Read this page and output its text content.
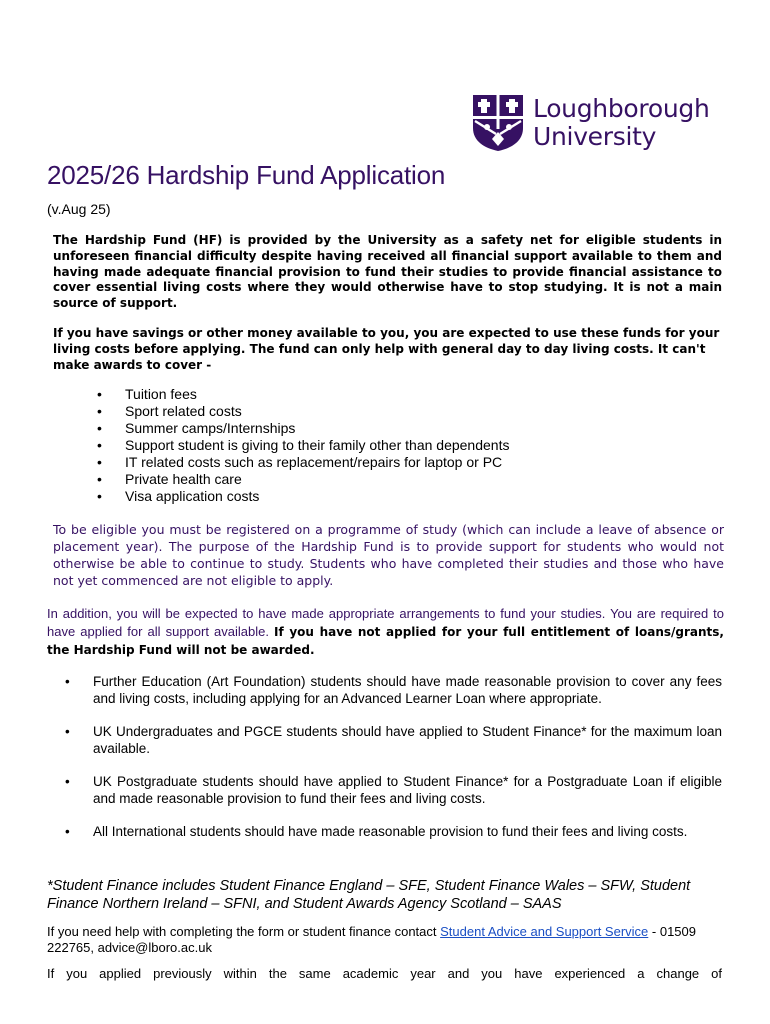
Loughborough
University
2025/26 Hardship Fund Application
(v.Aug 25)

The Hardship Fund (HF) is provided by the University as a safety net for eligible students in unforeseen financial difficulty despite having received all financial support available to them and having made adequate financial provision to fund their studies to provide financial assistance to cover essential living costs where they would otherwise have to stop studying. It is not a main source of support.

If you have savings or other money available to you, you are expected to use these funds for your living costs before applying. The fund can only help with general day to day living costs. It can't make awards to cover -

• Tuition fees
• Sport related costs
• Summer camps/Internships
• Support student is giving to their family other than dependents
• IT related costs such as replacement/repairs for laptop or PC
• Private health care
• Visa application costs

To be eligible you must be registered on a programme of study (which can include a leave of absence or placement year). The purpose of the Hardship Fund is to provide support for students who would not otherwise be able to continue to study. Students who have completed their studies and those who have not yet commenced are not eligible to apply.

In addition, you will be expected to have made appropriate arrangements to fund your studies. You are required to have applied for all support available. If you have not applied for your full entitlement of loans/grants, the Hardship Fund will not be awarded.

• Further Education (Art Foundation) students should have made reasonable provision to cover any fees and living costs, including applying for an Advanced Learner Loan where appropriate.
• UK Undergraduates and PGCE students should have applied to Student Finance* for the maximum loan available.
• UK Postgraduate students should have applied to Student Finance* for a Postgraduate Loan if eligible and made reasonable provision to fund their fees and living costs.
• All International students should have made reasonable provision to fund their fees and living costs.

*Student Finance includes Student Finance England – SFE, Student Finance Wales – SFW, Student Finance Northern Ireland – SFNI, and Student Awards Agency Scotland – SAAS

If you need help with completing the form or student finance contact Student Advice and Support Service - 01509 222765, advice@lboro.ac.uk

If you applied previously within the same academic year and you have experienced a change of
